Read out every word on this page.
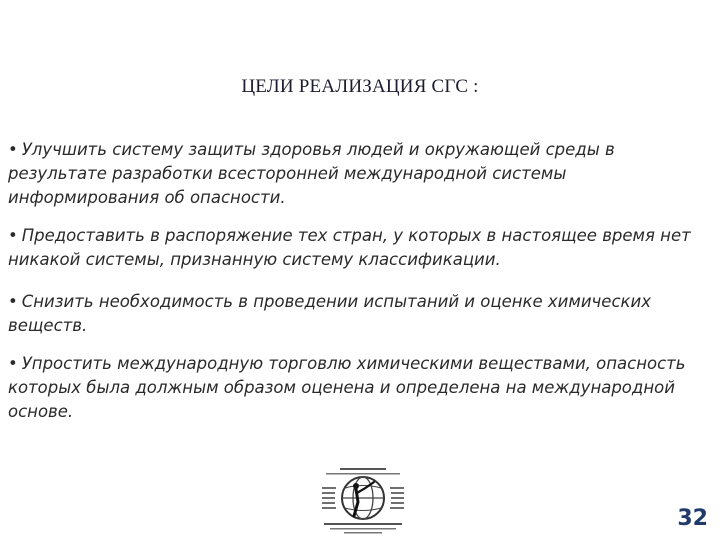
ЦЕЛИ РЕАЛИЗАЦИЯ СГС :
• Улучшить систему защиты здоровья людей и окружающей среды в результате разработки всесторонней международной системы информирования об опасности.
• Предоставить в распоряжение тех стран, у которых в настоящее время нет никакой системы, признанную систему классификации.
• Снизить необходимость в проведении испытаний и оценке химических веществ.
• Упростить международную торговлю химическими веществами, опасность которых была должным образом оценена и определена на международной основе.
32
